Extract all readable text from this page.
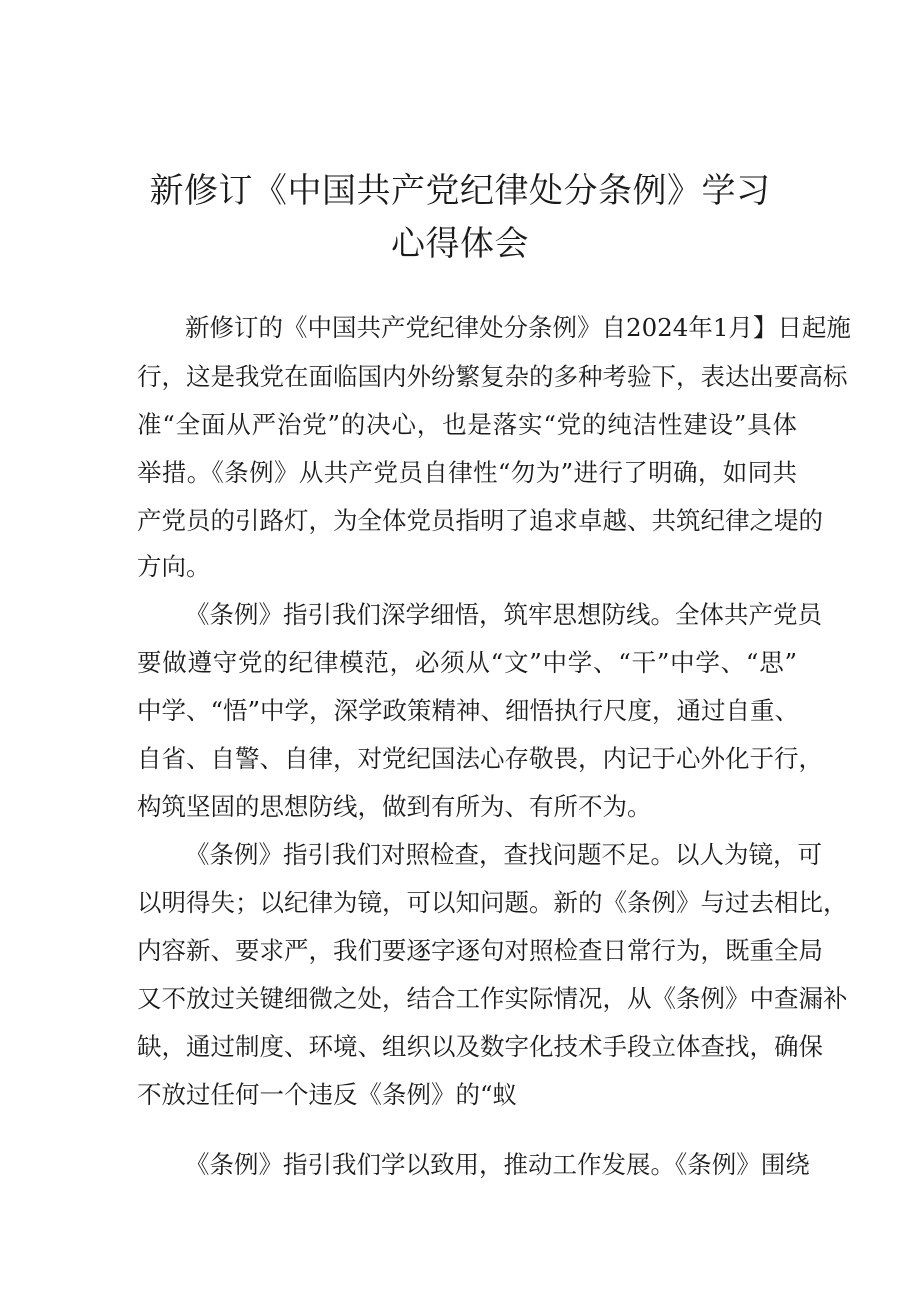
新修订《中国共产党纪律处分条例》学习
心得体会
新修订的《中国共产党纪律处分条例》自2024年1月】日起施
行，这是我党在面临国内外纷繁复杂的多种考验下，表达出要高标
准“全面从严治党”的决心，也是落实“党的纯洁性建设”具体
举措。《条例》从共产党员自律性“勿为”进行了明确，如同共
产党员的引路灯，为全体党员指明了追求卓越、共筑纪律之堤的
方向。
《条例》指引我们深学细悟，筑牢思想防线。全体共产党员
要做遵守党的纪律模范，必须从“文”中学、“干”中学、“思”
中学、“悟”中学，深学政策精神、细悟执行尺度，通过自重、
自省、自警、自律，对党纪国法心存敬畏，内记于心外化于行，
构筑坚固的思想防线，做到有所为、有所不为。
《条例》指引我们对照检查，查找问题不足。以人为镜，可
以明得失；以纪律为镜，可以知问题。新的《条例》与过去相比，
内容新、要求严，我们要逐字逐句对照检查日常行为，既重全局
又不放过关键细微之处，结合工作实际情况，从《条例》中查漏补
缺，通过制度、环境、组织以及数字化技术手段立体查找，确保
不放过任何一个违反《条例》的“蚁
《条例》指引我们学以致用，推动工作发展。《条例》围绕
